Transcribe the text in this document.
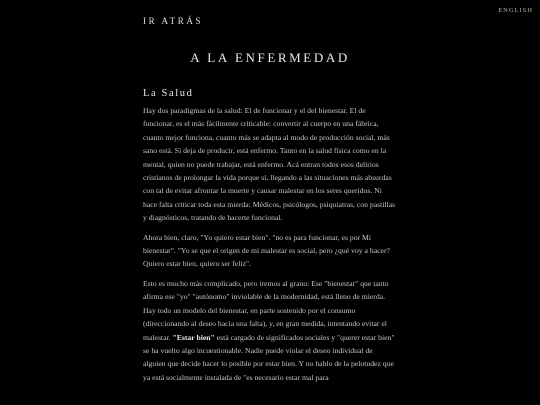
ENGLISH
IR ATRÁS
A LA ENFERMEDAD
La Salud

Hay dos paradigmas de la salud: El de funcionar y el del bienestar. El de funcionar, es el más fácilmente criticable: convertir al cuerpo en una fábrica, cuanto mejor funciona, cuanto más se adapta al modo de producción social, más sano está. Si deja de producir, está enfermo. Tanto en la salud física como en la mental, quien no puede trabajar, está enfermo. Acá entran todos esos delirios cristianos de prolongar la vida porque sí, llegando a las situaciones más absurdas con tal de evitar afrontar la muerte y causar malestar en los seres queridos. Ni hace falta criticar toda esta mierda: Médicos, psicólogos, psiquiatras, con pastillas y diagnósticos, tratando de hacerte funcional.

Ahora bien, claro, "Yo quiero estar bien". "no es para funcionar, es por Mi bienestar". "Yo se que el origen de mi malestar es social, pero ¿qué voy a hacer? Quiero estar bien, quiero ser feliz".

Esto es mucho más complicado, pero iremos al grano: Ese "bienestar" que tanto afirma ese "yo" "autónomo" inviolable de la modernidad, está lleno de mierda. Hay todo un modelo del bienestar, en parte sostenido por el consumo (direccionando al deseo hacia una falta), y, en gran medida, intentando evitar el malestar. "Estar bien" está cargado de significados sociales y "querer estar bien" se ha vuelto algo incuestionable. Nadie puede violar el deseo individual de alguien que decide hacer lo posible por estar bien. Y no hablo de la pelotudez que ya está socialmente instalada de "es necesario estar mal para
